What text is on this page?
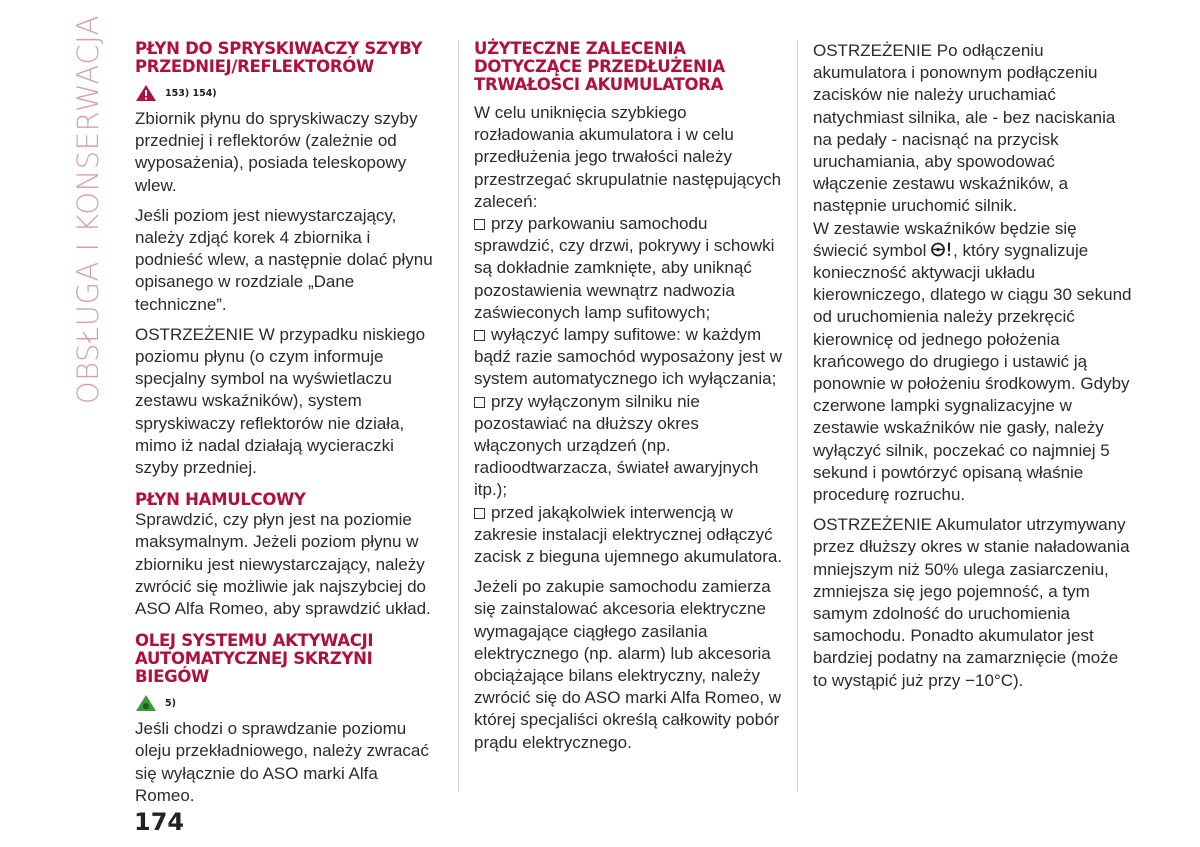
OBSŁUGA I KONSERWACJA PŁYN DO SPRYSKIWACZY SZYBY PRZEDNIEJ/REFLEKTORÓW
153) 154)

Zbiornik płynu do spryskiwaczy szyby przedniej i reflektorów (zależnie od wyposażenia), posiada teleskopowy wlew.

Jeśli poziom jest niewystarczający, należy zdjąć korek 4 zbiornika i podnieść wlew, a następnie dolać płynu opisanego w rozdziale „Dane techniczne”.

OSTRZEŻENIE W przypadku niskiego poziomu płynu (o czym informuje specjalny symbol na wyświetlaczu zestawu wskaźników), system spryskiwaczy reflektorów nie działa, mimo iż nadal działają wycieraczki szyby przedniej.

PŁYN HAMULCOWY

Sprawdzić, czy płyn jest na poziomie maksymalnym. Jeżeli poziom płynu w zbiorniku jest niewystarczający, należy zwrócić się możliwie jak najszybciej do ASO Alfa Romeo, aby sprawdzić układ.

OLEJ SYSTEMU AKTYWACJI AUTOMATYCZNEJ SKRZYNI BIEGÓW
5)

Jeśli chodzi o sprawdzanie poziomu oleju przekładniowego, należy zwracać się wyłącznie do ASO marki Alfa Romeo.

UŻYTECZNE ZALECENIA DOTYCZĄCE PRZEDŁUŻENIA TRWAŁOŚCI AKUMULATORA

W celu uniknięcia szybkiego rozładowania akumulatora i w celu przedłużenia jego trwałości należy przestrzegać skrupulatnie następujących zaleceń:

przy parkowaniu samochodu sprawdzić, czy drzwi, pokrywy i schowki są dokładnie zamknięte, aby uniknąć pozostawienia wewnątrz nadwozia zaświeconych lamp sufitowych;

wyłączyć lampy sufitowe: w każdym bądź razie samochód wyposażony jest w system automatycznego ich wyłączania;

przy wyłączonym silniku nie pozostawiać na dłuższy okres włączonych urządzeń (np. radioodtwarzacza, świateł awaryjnych itp.);

przed jakąkolwiek interwencją w zakresie instalacji elektrycznej odłączyć zacisk z bieguna ujemnego akumulatora.

Jeżeli po zakupie samochodu zamierza się zainstalować akcesoria elektryczne wymagające ciągłego zasilania elektrycznego (np. alarm) lub akcesoria obciążające bilans elektryczny, należy zwrócić się do ASO marki Alfa Romeo, w której specjaliści określą całkowity pobór prądu elektrycznego.

OSTRZEŻENIE Po odłączeniu akumulatora i ponownym podłączeniu zacisków nie należy uruchamiać natychmiast silnika, ale - bez naciskania na pedały - nacisnąć na przycisk uruchamiania, aby spowodować włączenie zestawu wskaźników, a następnie uruchomić silnik.

W zestawie wskaźników będzie się świecić symbol , który sygnalizuje konieczność aktywacji układu kierowniczego, dlatego w ciągu 30 sekund od uruchomienia należy przekręcić kierownicę od jednego położenia krańcowego do drugiego i ustawić ją ponownie w położeniu środkowym. Gdyby czerwone lampki sygnalizacyjne w zestawie wskaźników nie gasły, należy wyłączyć silnik, poczekać co najmniej 5 sekund i powtórzyć opisaną właśnie procedurę rozruchu.

OSTRZEŻENIE Akumulator utrzymywany przez dłuższy okres w stanie naładowania mniejszym niż 50% ulega zasiarczeniu, zmniejsza się jego pojemność, a tym samym zdolność do uruchomienia samochodu. Ponadto akumulator jest bardziej podatny na zamarznięcie (może to wystąpić już przy −10°C).

174
